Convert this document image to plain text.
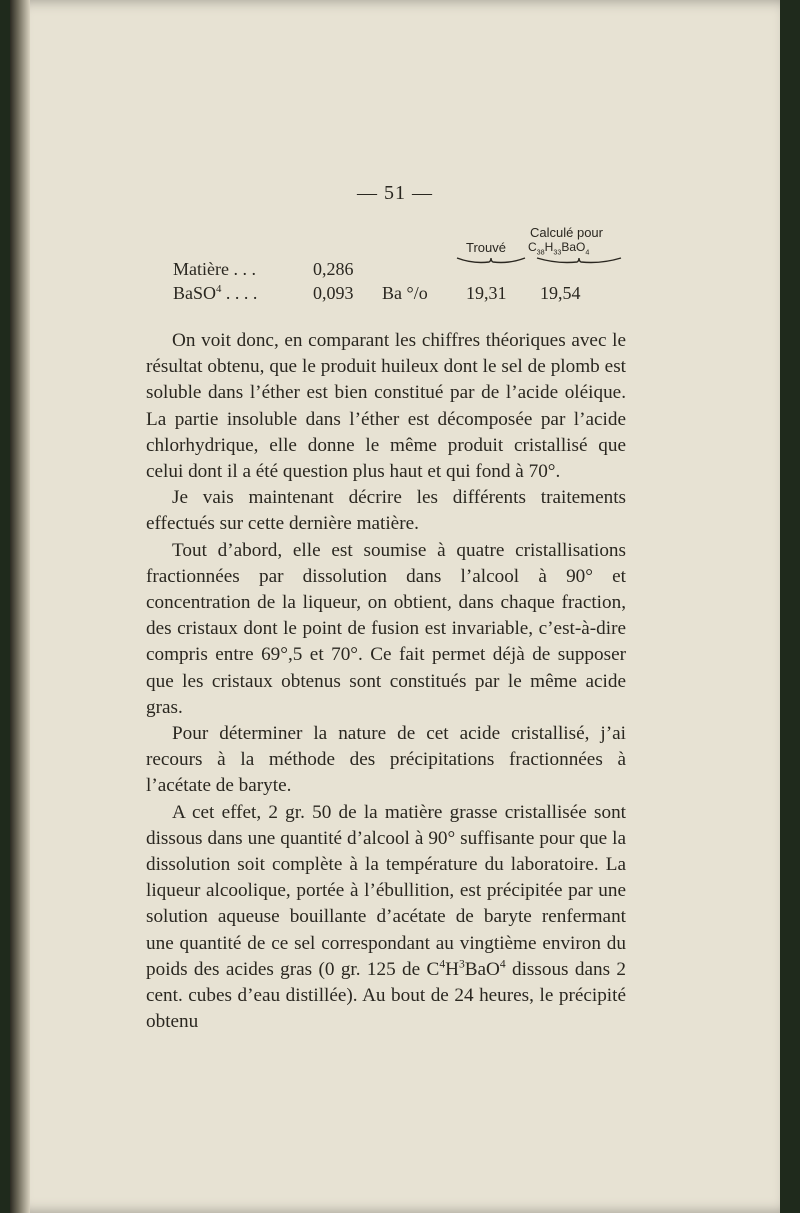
— 51 —
Calculé pour
Trouvé $C_{38}H_{33}BaO_4$
Matière . . .	0,286
BaSO$^4$ . . . .	0,093 Ba °/o 19,31 19,54

On voit donc, en comparant les chiffres théoriques avec le résultat obtenu, que le produit huileux dont le sel de plomb est soluble dans l’éther est bien constitué par de l’acide oléique. La partie insoluble dans l’éther est décomposée par l’acide chlorhydrique, elle donne le même produit cristallisé que celui dont il a été question plus haut et qui fond à 70°.

Je vais maintenant décrire les différents traitements effectués sur cette dernière matière.

Tout d’abord, elle est soumise à quatre cristallisations fractionnées par dissolution dans l’alcool à 90° et concentration de la liqueur, on obtient, dans chaque fraction, des cristaux dont le point de fusion est invariable, c’est-à-dire compris entre 69°,5 et 70°. Ce fait permet déjà de supposer que les cristaux obtenus sont constitués par le même acide gras.

Pour déterminer la nature de cet acide cristallisé, j’ai recours à la méthode des précipitations fractionnées à l’acétate de baryte.

A cet effet, 2 gr. 50 de la matière grasse cristallisée sont dissous dans une quantité d’alcool à 90° suffisante pour que la dissolution soit complète à la température du laboratoire. La liqueur alcoolique, portée à l’ébullition, est précipitée par une solution aqueuse bouillante d’acétate de baryte renfermant une quantité de ce sel correspondant au vingtième environ du poids des acides gras (0 gr. 125 de $C^4H^3BaO^4$ dissous dans 2 cent. cubes d’eau distillée). Au bout de 24 heures, le précipité obtenu
